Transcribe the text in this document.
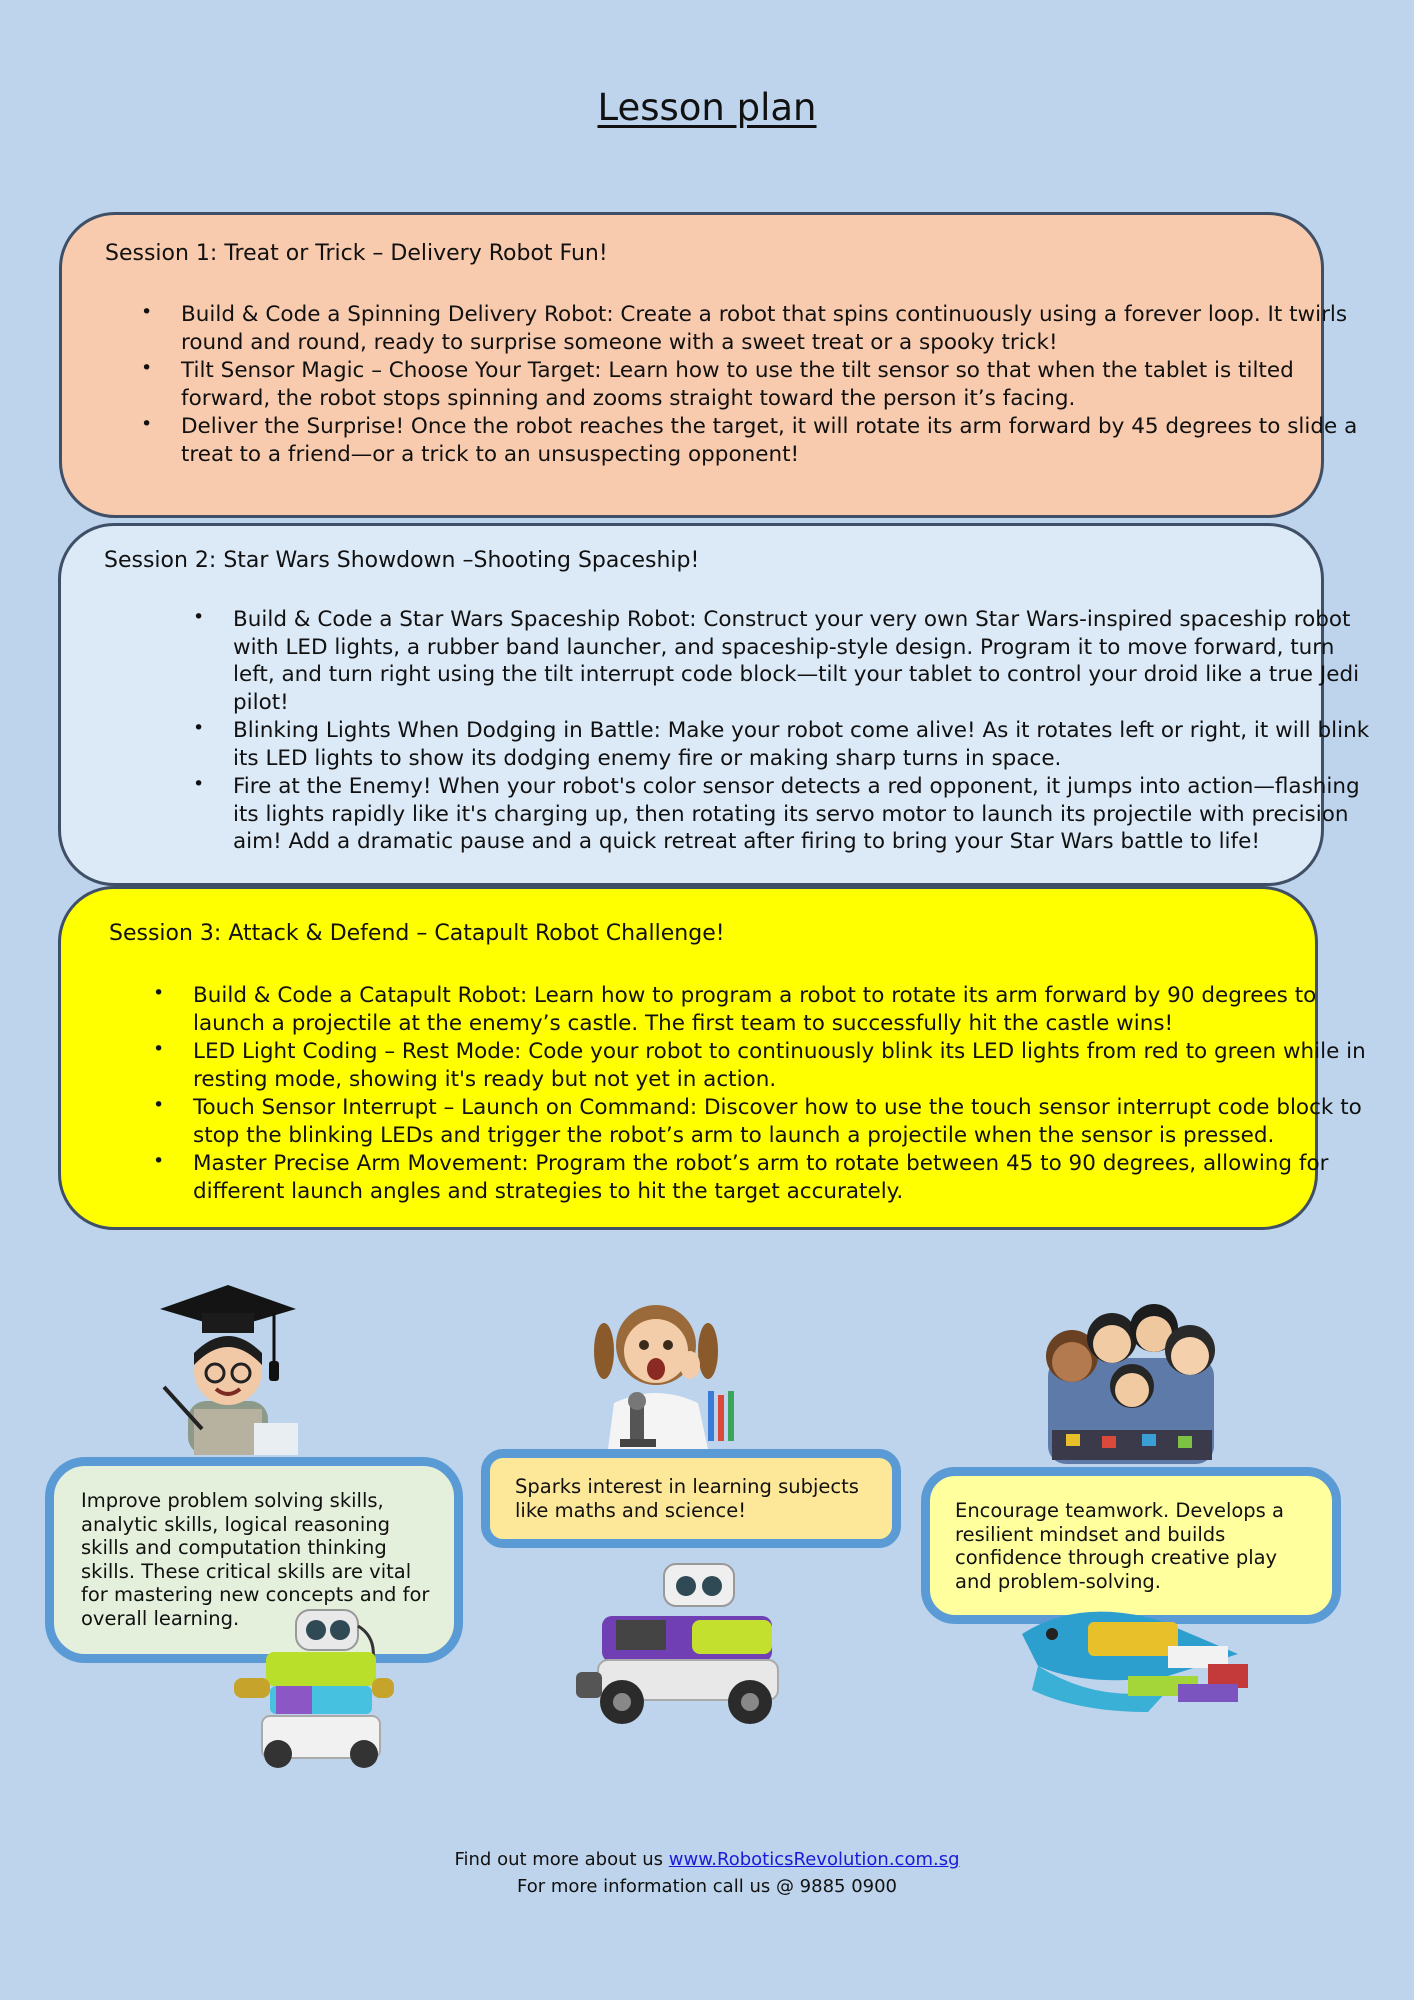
Lesson plan
Session 1: Treat or Trick – Delivery Robot Fun!
• Build & Code a Spinning Delivery Robot: Create a robot that spins continuously using a forever loop. It twirls round and round, ready to surprise someone with a sweet treat or a spooky trick!
• Tilt Sensor Magic – Choose Your Target: Learn how to use the tilt sensor so that when the tablet is tilted forward, the robot stops spinning and zooms straight toward the person it’s facing.
• Deliver the Surprise! Once the robot reaches the target, it will rotate its arm forward by 45 degrees to slide a treat to a friend—or a trick to an unsuspecting opponent!
Session 2: Star Wars Showdown –Shooting Spaceship!
• Build & Code a Star Wars Spaceship Robot: Construct your very own Star Wars-inspired spaceship robot with LED lights, a rubber band launcher, and spaceship-style design. Program it to move forward, turn left, and turn right using the tilt interrupt code block—tilt your tablet to control your droid like a true Jedi pilot!
• Blinking Lights When Dodging in Battle: Make your robot come alive! As it rotates left or right, it will blink its LED lights to show its dodging enemy fire or making sharp turns in space.
• Fire at the Enemy! When your robot's color sensor detects a red opponent, it jumps into action—flashing its lights rapidly like it's charging up, then rotating its servo motor to launch its projectile with precision aim! Add a dramatic pause and a quick retreat after firing to bring your Star Wars battle to life!
Session 3: Attack & Defend – Catapult Robot Challenge!
• Build & Code a Catapult Robot: Learn how to program a robot to rotate its arm forward by 90 degrees to launch a projectile at the enemy’s castle. The first team to successfully hit the castle wins!
• LED Light Coding – Rest Mode: Code your robot to continuously blink its LED lights from red to green while in resting mode, showing it's ready but not yet in action.
• Touch Sensor Interrupt – Launch on Command: Discover how to use the touch sensor interrupt code block to stop the blinking LEDs and trigger the robot’s arm to launch a projectile when the sensor is pressed.
• Master Precise Arm Movement: Program the robot’s arm to rotate between 45 to 90 degrees, allowing for different launch angles and strategies to hit the target accurately.
Improve problem solving skills, analytic skills, logical reasoning skills and computation thinking skills. These critical skills are vital for mastering new concepts and for overall learning.
Sparks interest in learning subjects like maths and science!	Encourage teamwork. Develops a resilient mindset and builds confidence through creative play and problem-solving.
Find out more about us www.RoboticsRevolution.com.sg
For more information call us @ 9885 0900
